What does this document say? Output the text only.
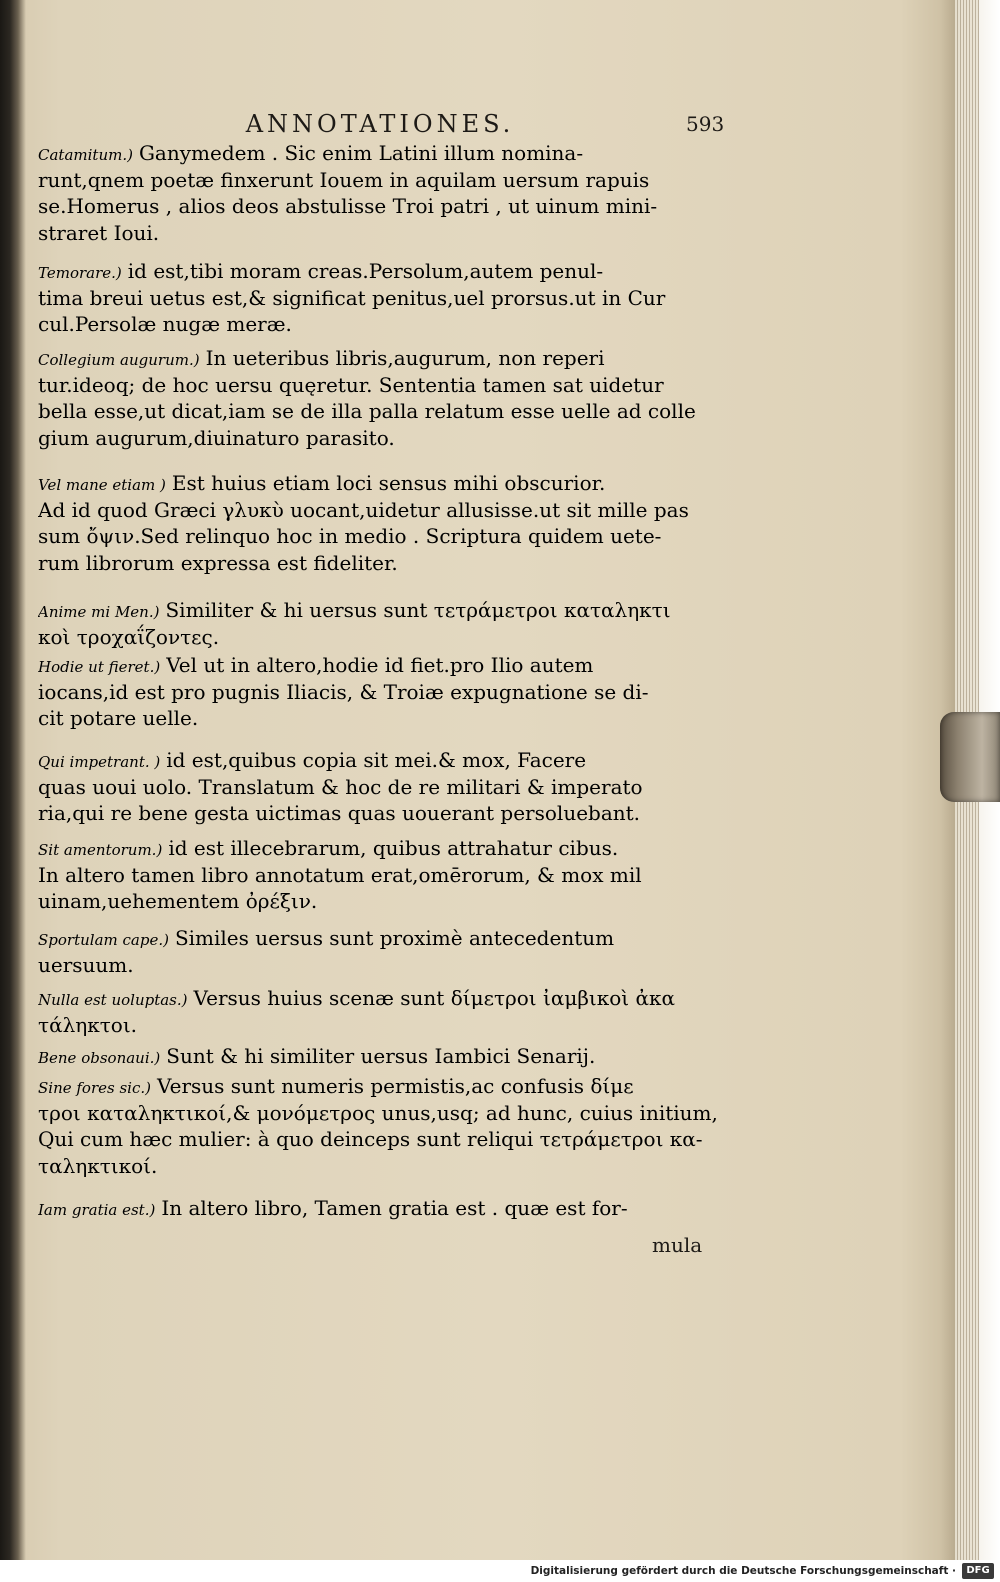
ANNOTATIONES.	593
Catamitum.) Ganymedem . Sic enim Latini illum nomina-
runt,qnem poetæ finxerunt Iouem in aquilam uersum rapuis
se.Homerus , alios deos abstulisse Troi patri , ut uinum mini-
straret Ioui.
Temorare.) id est,tibi moram creas.Persolum,autem penul-
tima breui uetus est,& significat penitus,uel prorsus.ut in Cur
cul.Persolæ nugæ meræ.
Collegium augurum.) In ueteribus libris,augurum, non reperi
tur.ideoq; de hoc uersu quęretur. Sententia tamen sat uidetur
bella esse,ut dicat,iam se de illa palla relatum esse uelle ad colle
gium augurum,diuinaturo parasito.
Vel mane etiam ) Est huius etiam loci sensus mihi obscurior.
Ad id quod Græci γλυκὺ uocant,uidetur allusisse.ut sit mille pas
sum ὄψιν.Sed relinquo hoc in medio . Scriptura quidem uete-
rum librorum expressa est fideliter.
Anime mi Men.) Similiter & hi uersus sunt τετράμετροι καταληκτι
κοὶ τροχαΐζοντες.
Hodie ut fieret.) Vel ut in altero,hodie id fiet.pro Ilio autem
iocans,id est pro pugnis Iliacis, & Troiæ expugnatione se di-
cit potare uelle.
Qui impetrant. ) id est,quibus copia sit mei.& mox, Facere
quas uoui uolo. Translatum & hoc de re militari & imperato
ria,qui re bene gesta uictimas quas uouerant persoluebant.
Sit amentorum.) id est illecebrarum, quibus attrahatur cibus.
In altero tamen libro annotatum erat,omērorum, & mox mil
uinam,uehementem ὀρέξιν.
Sportulam cape.) Similes uersus sunt proximè antecedentum
uersuum.
Nulla est uoluptas.) Versus huius scenæ sunt δίμετροι ἰαμβικοὶ ἀκα
τάληκτοι.
Bene obsonaui.) Sunt & hi similiter uersus Iambici Senarij.
Sine fores sic.) Versus sunt numeris permistis,ac confusis δίμε
τροι καταληκτικοί,& μονόμετρος unus,usq; ad hunc, cuius initium,
Qui cum hæc mulier: à quo deinceps sunt reliqui τετράμετροι κα-
ταληκτικοί.
Iam gratia est.) In altero libro, Tamen gratia est . quæ est for-
mula
Digitalisierung gefördert durch die Deutsche Forschungsgemeinschaft ·	DFG
